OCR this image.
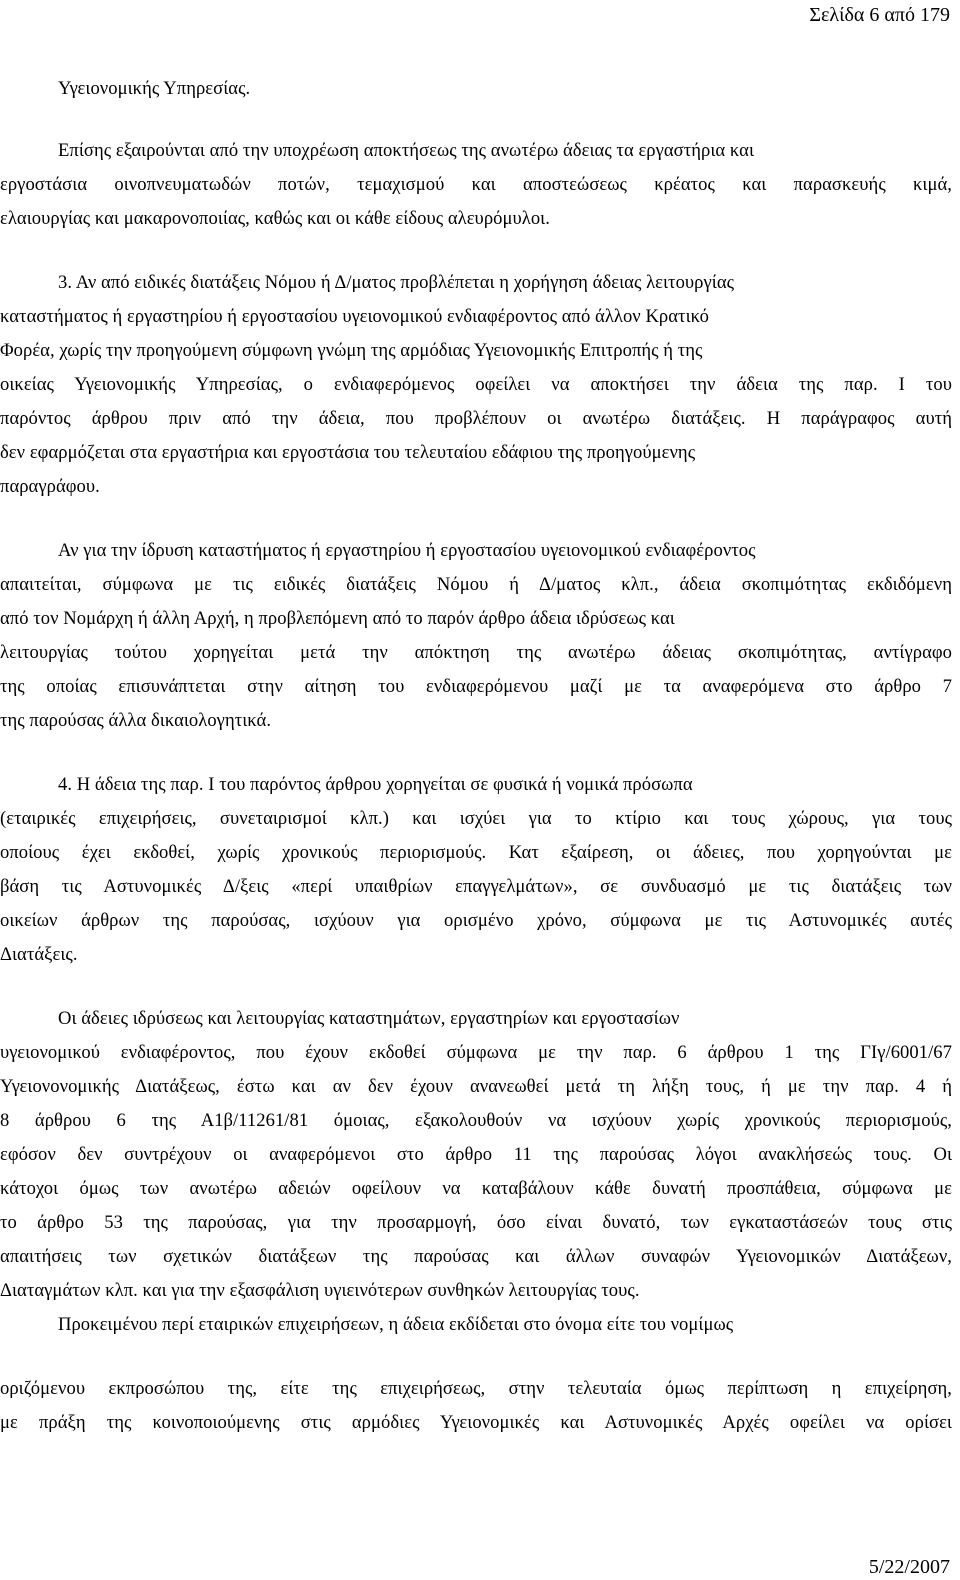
Σελίδα 6 από 179
Υγειονομικής Υπηρεσίας.
Επίσης εξαιρούνται από την υποχρέωση αποκτήσεως της ανωτέρω άδειας τα εργαστήρια και
εργοστάσια οινοπνευματωδών ποτών, τεμαχισμού και αποστεώσεως κρέατος και παρασκευής κιμά,
ελαιουργίας και μακαρονοποιίας, καθώς και οι κάθε είδους αλευρόμυλοι.
3. Αν από ειδικές διατάξεις Νόμου ή Δ/ματος προβλέπεται η χορήγηση άδειας λειτουργίας
καταστήματος ή εργαστηρίου ή εργοστασίου υγειονομικού ενδιαφέροντος από άλλον Κρατικό
Φορέα, χωρίς την προηγούμενη σύμφωνη γνώμη της αρμόδιας Υγειονομικής Επιτροπής ή της
οικείας Υγειονομικής Υπηρεσίας, ο ενδιαφερόμενος οφείλει να αποκτήσει την άδεια της παρ. Ι του
παρόντος άρθρου πριν από την άδεια, που προβλέπουν οι ανωτέρω διατάξεις. Η παράγραφος αυτή
δεν εφαρμόζεται στα εργαστήρια και εργοστάσια του τελευταίου εδάφιου της προηγούμενης
παραγράφου.
Αν για την ίδρυση καταστήματος ή εργαστηρίου ή εργοστασίου υγειονομικού ενδιαφέροντος
απαιτείται, σύμφωνα με τις ειδικές διατάξεις Νόμου ή Δ/ματος κλπ., άδεια σκοπιμότητας εκδιδόμενη
από τον Νομάρχη ή άλλη Αρχή, η προβλεπόμενη από το παρόν άρθρο άδεια ιδρύσεως και
λειτουργίας τούτου χορηγείται μετά την απόκτηση της ανωτέρω άδειας σκοπιμότητας, αντίγραφο
της οποίας επισυνάπτεται στην αίτηση του ενδιαφερόμενου μαζί με τα αναφερόμενα στο άρθρο 7
της παρούσας άλλα δικαιολογητικά.
4. Η άδεια της παρ. Ι του παρόντος άρθρου χορηγείται σε φυσικά ή νομικά πρόσωπα
(εταιρικές επιχειρήσεις, συνεταιρισμοί κλπ.) και ισχύει για το κτίριο και τους χώρους, για τους
οποίους έχει εκδοθεί, χωρίς χρονικούς περιορισμούς. Κατ εξαίρεση, οι άδειες, που χορηγούνται με
βάση τις Αστυνομικές Δ/ξεις «περί υπαιθρίων επαγγελμάτων», σε συνδυασμό με τις διατάξεις των
οικείων άρθρων της παρούσας, ισχύουν για ορισμένο χρόνο, σύμφωνα με τις Αστυνομικές αυτές
Διατάξεις.
Οι άδειες ιδρύσεως και λειτουργίας καταστημάτων, εργαστηρίων και εργοστασίων
υγειονομικού ενδιαφέροντος, που έχουν εκδοθεί σύμφωνα με την παρ. 6 άρθρου 1 της ΓΙγ/6001/67
Υγειονονομικής Διατάξεως, έστω και αν δεν έχουν ανανεωθεί μετά τη λήξη τους, ή με την παρ. 4 ή
8 άρθρου 6 της Α1β/11261/81 όμοιας, εξακολουθούν να ισχύουν χωρίς χρονικούς περιορισμούς,
εφόσον δεν συντρέχουν οι αναφερόμενοι στο άρθρο 11 της παρούσας λόγοι ανακλήσεώς τους. Οι
κάτοχοι όμως των ανωτέρω αδειών οφείλουν να καταβάλουν κάθε δυνατή προσπάθεια, σύμφωνα με
το άρθρο 53 της παρούσας, για την προσαρμογή, όσο είναι δυνατό, των εγκαταστάσεών τους στις
απαιτήσεις των σχετικών διατάξεων της παρούσας και άλλων συναφών Υγειονομικών Διατάξεων,
Διαταγμάτων κλπ. και για την εξασφάλιση υγιεινότερων συνθηκών λειτουργίας τους.
Προκειμένου περί εταιρικών επιχειρήσεων, η άδεια εκδίδεται στο όνομα είτε του νομίμως
οριζόμενου εκπροσώπου της, είτε της επιχειρήσεως, στην τελευταία όμως περίπτωση η επιχείρηση,
με πράξη της κοινοποιούμενης στις αρμόδιες Υγειονομικές και Αστυνομικές Αρχές οφείλει να ορίσει
5/22/2007
